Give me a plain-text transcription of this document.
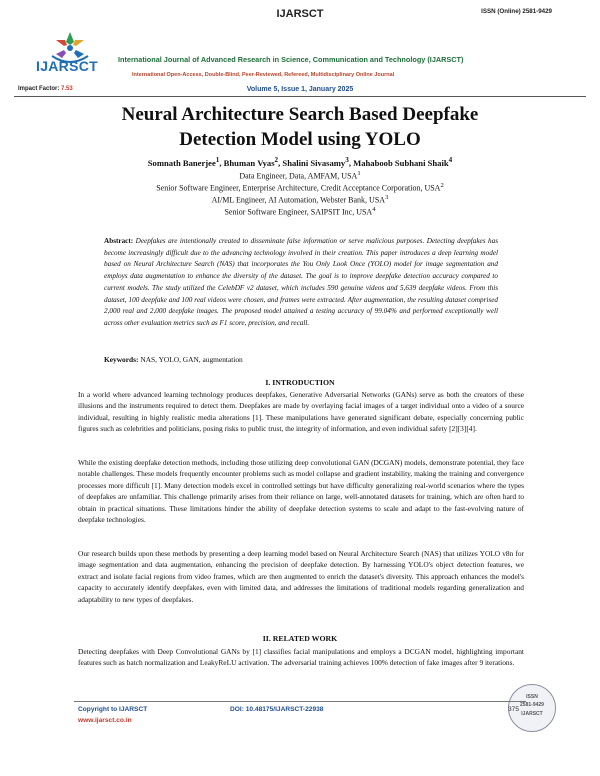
IJARSCT	ISSN (Online) 2581-9429
IJARSCT	International Journal of Advanced Research in Science, Communication and Technology (IJARSCT)
International Open-Access, Double-Blind, Peer-Reviewed, Refereed, Multidisciplinary Online Journal
Impact Factor: 7.53	Volume 5, Issue 1, January 2025
Neural Architecture Search Based Deepfake
Detection Model using YOLO
Somnath Banerjee$^1$, Bhuman Vyas$^2$, Shalini Sivasamy$^3$, Mahaboob Subhani Shaik$^4$
Data Engineer, Data, AMFAM, USA$^1$
Senior Software Engineer, Enterprise Architecture, Credit Acceptance Corporation, USA$^2$
AI/ML Engineer, AI Automation, Webster Bank, USA$^3$
Senior Software Engineer, SAIPSIT Inc, USA$^4$
Abstract: Deepfakes are intentionally created to disseminate false information or serve malicious purposes. Detecting deepfakes has become increasingly difficult due to the advancing technology involved in their creation. This paper introduces a deep learning model based on Neural Architecture Search (NAS) that incorporates the You Only Look Once (YOLO) model for image segmentation and employs data augmentation to enhance the diversity of the dataset. The goal is to improve deepfake detection accuracy compared to current models. The study utilized the CelebDF v2 dataset, which includes 590 genuine videos and 5,639 deepfake videos. From this dataset, 100 deepfake and 100 real videos were chosen, and frames were extracted. After augmentation, the resulting dataset comprised 2,000 real and 2,000 deepfake images. The proposed model attained a testing accuracy of 99.04% and performed exceptionally well across other evaluation metrics such as F1 score, precision, and recall.
Keywords: NAS, YOLO, GAN, augmentation
I. INTRODUCTION
In a world where advanced learning technology produces deepfakes, Generative Adversarial Networks (GANs) serve as both the creators of these illusions and the instruments required to detect them. Deepfakes are made by overlaying facial images of a target individual onto a video of a source individual, resulting in highly realistic media alterations [1]. These manipulations have generated significant debate, especially concerning public figures such as celebrities and politicians, posing risks to public trust, the integrity of information, and even individual safety [2][3][4].
While the existing deepfake detection methods, including those utilizing deep convolutional GAN (DCGAN) models, demonstrate potential, they face notable challenges. These models frequently encounter problems such as model collapse and gradient instability, making the training and convergence processes more difficult [1]. Many detection models excel in controlled settings but have difficulty generalizing real-world scenarios where the types of deepfakes are unfamiliar. This challenge primarily arises from their reliance on large, well-annotated datasets for training, which are often hard to obtain in practical situations. These limitations hinder the ability of deepfake detection systems to scale and adapt to the fast-evolving nature of deepfake technologies.
Our research builds upon these methods by presenting a deep learning model based on Neural Architecture Search (NAS) that utilizes YOLO v8n for image segmentation and data augmentation, enhancing the precision of deepfake detection. By harnessing YOLO's object detection features, we extract and isolate facial regions from video frames, which are then augmented to enrich the dataset's diversity. This approach enhances the model's capacity to accurately identify deepfakes, even with limited data, and addresses the limitations of traditional models regarding generalization and adaptability to new types of deepfakes.
II. RELATED WORK
Detecting deepfakes with Deep Convolutional GANs by [1] classifies facial manipulations and employs a DCGAN model, highlighting important features such as batch normalization and LeakyReLU activation. The adversarial training achieves 100% detection of fake images after 9 iterations.
ISSN
2581-9429
IJARSCT
Copyright to IJARSCT
www.ijarsct.co.in
DOI: 10.48175/IJARSCT-22938	375
